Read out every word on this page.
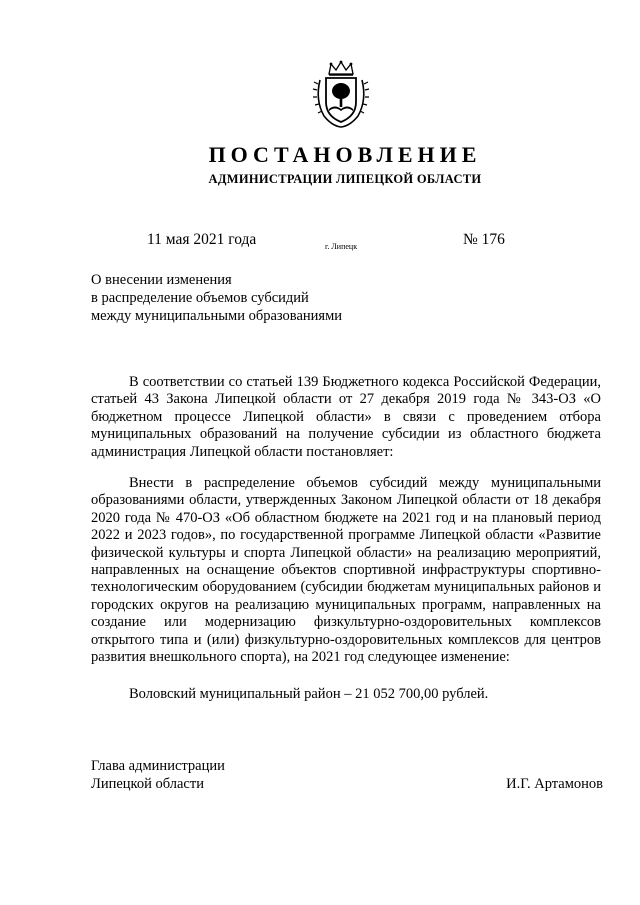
ПОСТАНОВЛЕНИЕ
АДМИНИСТРАЦИИ ЛИПЕЦКОЙ ОБЛАСТИ
11 мая 2021 года	г. Липецк	№ 176
О внесении изменения
в распределение объемов субсидий
между муниципальными образованиями

В соответствии со статьей 139 Бюджетного кодекса Российской Федерации, статьей 43 Закона Липецкой области от 27 декабря 2019 года № 343-ОЗ «О бюджетном процессе Липецкой области» в связи с проведением отбора муниципальных образований на получение субсидии из областного бюджета администрация Липецкой области постановляет:

Внести в распределение объемов субсидий между муниципальными образованиями области, утвержденных Законом Липецкой области от 18 декабря 2020 года № 470-ОЗ «Об областном бюджете на 2021 год и на плановый период 2022 и 2023 годов», по государственной программе Липецкой области «Развитие физической культуры и спорта Липецкой области» на реализацию мероприятий, направленных на оснащение объектов спортивной инфраструктуры спортивно-технологическим оборудованием (субсидии бюджетам муниципальных районов и городских округов на реализацию муниципальных программ, направленных на создание или модернизацию физкультурно-оздоровительных комплексов открытого типа и (или) физкультурно-оздоровительных комплексов для центров развития внешкольного спорта), на 2021 год следующее изменение:

Воловский муниципальный район – 21 052 700,00 рублей.

Глава администрации
Липецкой области	И.Г. Артамонов
